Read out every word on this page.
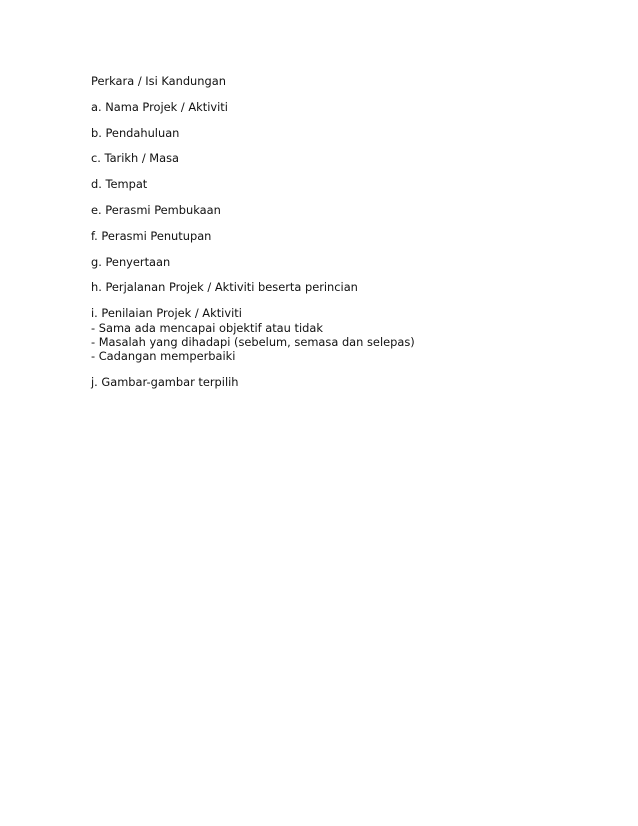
Perkara / Isi Kandungan

a. Nama Projek / Aktiviti

b. Pendahuluan

c. Tarikh / Masa

d. Tempat

e. Perasmi Pembukaan

f. Perasmi Penutupan

g. Penyertaan

h. Perjalanan Projek / Aktiviti beserta perincian

i. Penilaian Projek / Aktiviti
- Sama ada mencapai objektif atau tidak
- Masalah yang dihadapi (sebelum, semasa dan selepas)
- Cadangan memperbaiki

j. Gambar-gambar terpilih
